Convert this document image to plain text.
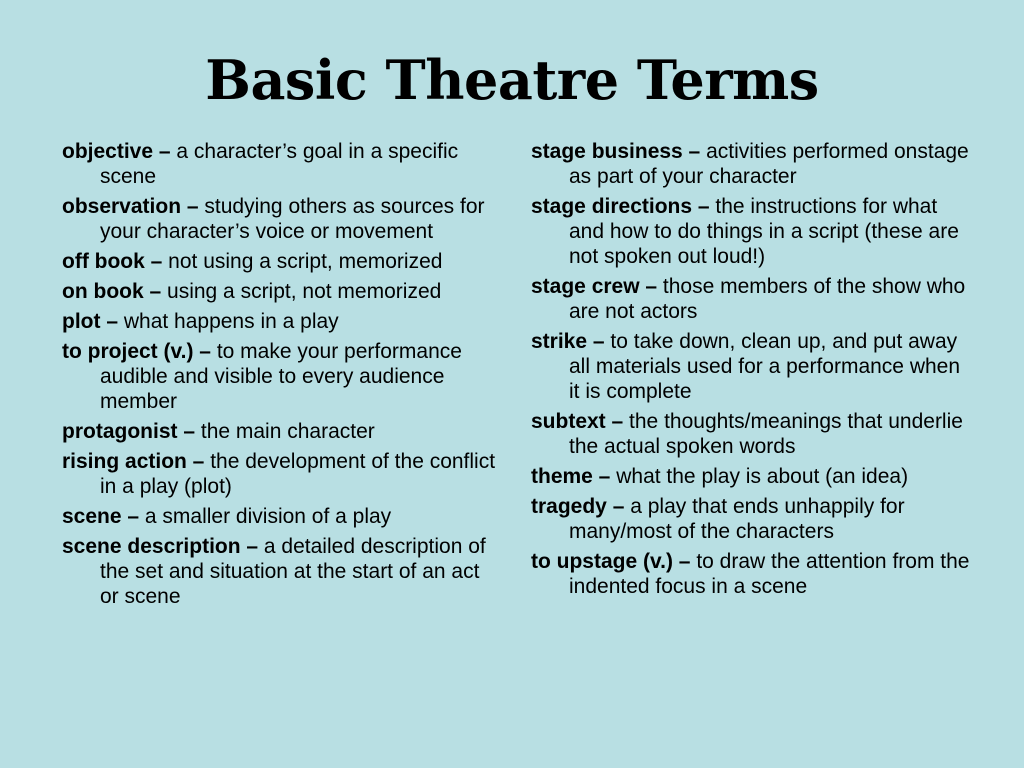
Basic Theatre Terms
objective – a character’s goal in a specific scene
observation – studying others as sources for your character’s voice or movement
off book – not using a script, memorized
on book – using a script, not memorized
plot – what happens in a play
to project (v.) – to make your performance audible and visible to every audience member
protagonist – the main character
rising action – the development of the conflict in a play (plot)
scene – a smaller division of a play
scene description – a detailed description of the set and situation at the start of an act or scene
stage business – activities performed onstage as part of your character
stage directions – the instructions for what and how to do things in a script (these are not spoken out loud!)
stage crew – those members of the show who are not actors
strike – to take down, clean up, and put away all materials used for a performance when it is complete
subtext – the thoughts/meanings that underlie the actual spoken words
theme – what the play is about (an idea)
tragedy – a play that ends unhappily for many/most of the characters
to upstage (v.) – to draw the attention from the indented focus in a scene
